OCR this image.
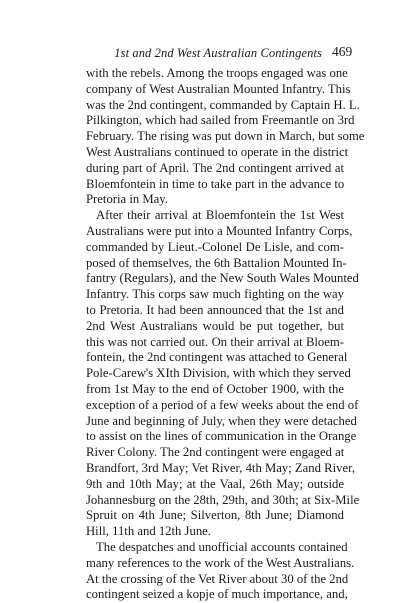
1st and 2nd West Australian Contingents 469
with the rebels. Among the troops engaged was one
company of West Australian Mounted Infantry. This
was the 2nd contingent, commanded by Captain H. L.
Pilkington, which had sailed from Freemantle on 3rd
February. The rising was put down in March, but some
West Australians continued to operate in the district
during part of April. The 2nd contingent arrived at
Bloemfontein in time to take part in the advance to
Pretoria in May.
After their arrival at Bloemfontein the 1st West
Australians were put into a Mounted Infantry Corps,
commanded by Lieut.-Colonel De Lisle, and com-
posed of themselves, the 6th Battalion Mounted In-
fantry (Regulars), and the New South Wales Mounted
Infantry. This corps saw much fighting on the way
to Pretoria. It had been announced that the 1st and
2nd West Australians would be put together, but
this was not carried out. On their arrival at Bloem-
fontein, the 2nd contingent was attached to General
Pole-Carew's XIth Division, with which they served
from 1st May to the end of October 1900, with the
exception of a period of a few weeks about the end of
June and beginning of July, when they were detached
to assist on the lines of communication in the Orange
River Colony. The 2nd contingent were engaged at
Brandfort, 3rd May; Vet River, 4th May; Zand River,
9th and 10th May; at the Vaal, 26th May; outside
Johannesburg on the 28th, 29th, and 30th; at Six-Mile
Spruit on 4th June; Silverton, 8th June; Diamond
Hill, 11th and 12th June.
The despatches and unofficial accounts contained
many references to the work of the West Australians.
At the crossing of the Vet River about 30 of the 2nd
contingent seized a kopje of much importance, and,
